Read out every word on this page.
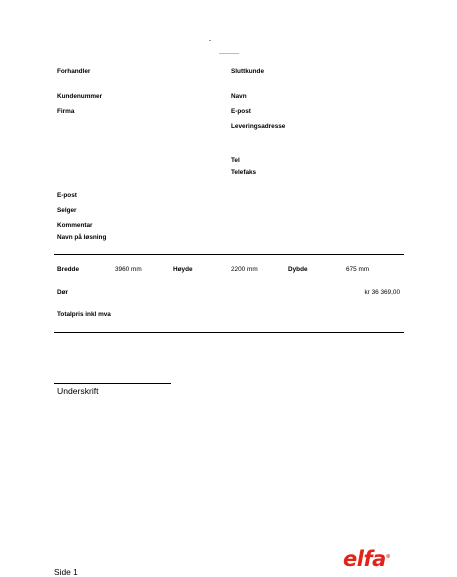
Forhandler
Kundenummer
Firma
E-post
Selger
Kommentar
Navn på løsning
Sluttkunde
Navn
E-post
Leveringsadresse
Tel
Telefaks
Bredde	3960 mm	Høyde	2200 mm	Dybde	675 mm
Dør	kr 36 369,00
Totalpris inkl mva
Underskrift
Side 1
elfa®
